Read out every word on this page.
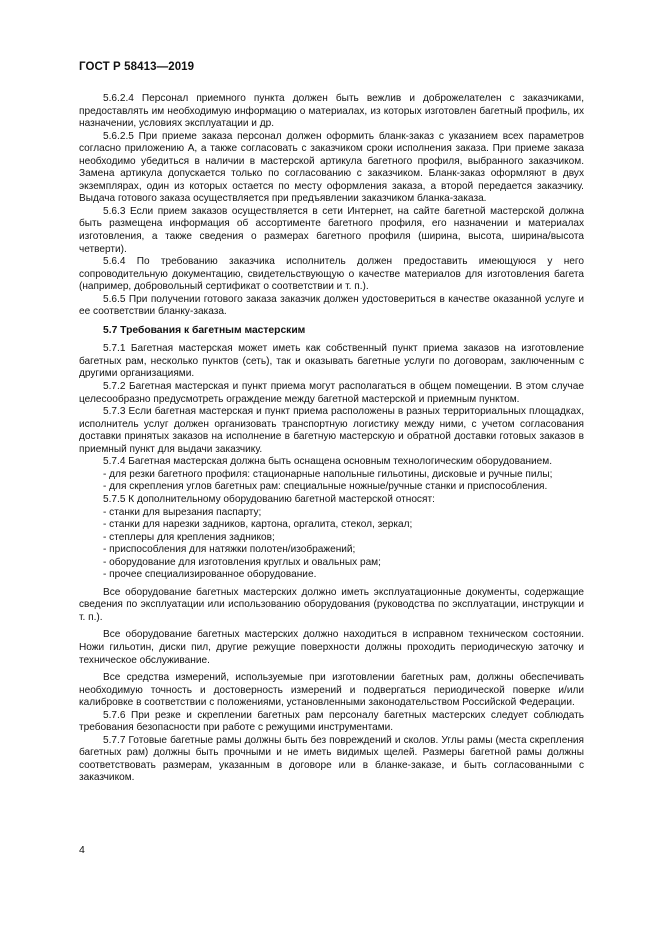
ГОСТ Р 58413—2019

5.6.2.4 Персонал приемного пункта должен быть вежлив и доброжелателен с заказчиками, предоставлять им необходимую информацию о материалах, из которых изготовлен багетный профиль, их назначении, условиях эксплуатации и др.

5.6.2.5 При приеме заказа персонал должен оформить бланк-заказ с указанием всех параметров согласно приложению А, а также согласовать с заказчиком сроки исполнения заказа. При приеме заказа необходимо убедиться в наличии в мастерской артикула багетного профиля, выбранного заказчиком. Замена артикула допускается только по согласованию с заказчиком. Бланк-заказ оформляют в двух экземплярах, один из которых остается по месту оформления заказа, а второй передается заказчику. Выдача готового заказа осуществляется при предъявлении заказчиком бланка-заказа.

5.6.3 Если прием заказов осуществляется в сети Интернет, на сайте багетной мастерской должна быть размещена информация об ассортименте багетного профиля, его назначении и материалах изготовления, а также сведения о размерах багетного профиля (ширина, высота, ширина/высота четверти).

5.6.4 По требованию заказчика исполнитель должен предоставить имеющуюся у него сопроводительную документацию, свидетельствующую о качестве материалов для изготовления багета (например, добровольный сертификат о соответствии и т. п.).

5.6.5 При получении готового заказа заказчик должен удостовериться в качестве оказанной услуге и ее соответствии бланку-заказа.

5.7 Требования к багетным мастерским

5.7.1 Багетная мастерская может иметь как собственный пункт приема заказов на изготовление багетных рам, несколько пунктов (сеть), так и оказывать багетные услуги по договорам, заключенным с другими организациями.

5.7.2 Багетная мастерская и пункт приема могут располагаться в общем помещении. В этом случае целесообразно предусмотреть ограждение между багетной мастерской и приемным пунктом.

5.7.3 Если багетная мастерская и пункт приема расположены в разных территориальных площадках, исполнитель услуг должен организовать транспортную логистику между ними, с учетом согласования доставки принятых заказов на исполнение в багетную мастерскую и обратной доставки готовых заказов в приемный пункт для выдачи заказчику.

5.7.4 Багетная мастерская должна быть оснащена основным технологическим оборудованием.

- для резки багетного профиля: стационарные напольные гильотины, дисковые и ручные пилы;

- для скрепления углов багетных рам: специальные ножные/ручные станки и приспособления.

5.7.5 К дополнительному оборудованию багетной мастерской относят:

- станки для вырезания паспарту;

- станки для нарезки задников, картона, оргалита, стекол, зеркал;

- степлеры для крепления задников;

- приспособления для натяжки полотен/изображений;

- оборудование для изготовления круглых и овальных рам;

- прочее специализированное оборудование.

Все оборудование багетных мастерских должно иметь эксплуатационные документы, содержащие сведения по эксплуатации или использованию оборудования (руководства по эксплуатации, инструкции и т. п.).

Все оборудование багетных мастерских должно находиться в исправном техническом состоянии. Ножи гильотин, диски пил, другие режущие поверхности должны проходить периодическую заточку и техническое обслуживание.

Все средства измерений, используемые при изготовлении багетных рам, должны обеспечивать необходимую точность и достоверность измерений и подвергаться периодической поверке и/или калибровке в соответствии с положениями, установленными законодательством Российской Федерации.

5.7.6 При резке и скреплении багетных рам персоналу багетных мастерских следует соблюдать требования безопасности при работе с режущими инструментами.

5.7.7 Готовые багетные рамы должны быть без повреждений и сколов. Углы рамы (места скрепления багетных рам) должны быть прочными и не иметь видимых щелей. Размеры багетной рамы должны соответствовать размерам, указанным в договоре или в бланке-заказе, и быть согласованными с заказчиком.

4
